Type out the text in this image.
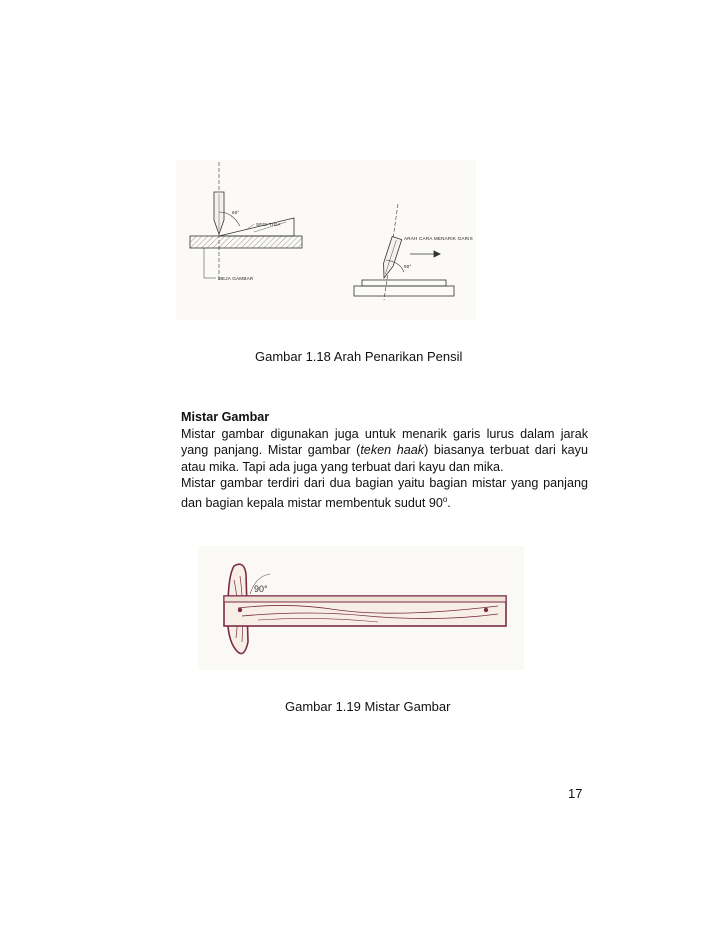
60°
SEGI TIGA
MEJA GAMBAR
ARAH CARA MENARIK GARIS
90°
Gambar 1.18 Arah Penarikan Pensil
Mistar Gambar

Mistar gambar digunakan juga untuk menarik garis lurus dalam jarak yang panjang. Mistar gambar (teken haak) biasanya terbuat dari kayu atau mika. Tapi ada juga yang terbuat dari kayu dan mika.

Mistar gambar terdiri dari dua bagian yaitu bagian mistar yang panjang dan bagian kepala mistar membentuk sudut 90$^o$.

90°
Gambar 1.19 Mistar Gambar
17
